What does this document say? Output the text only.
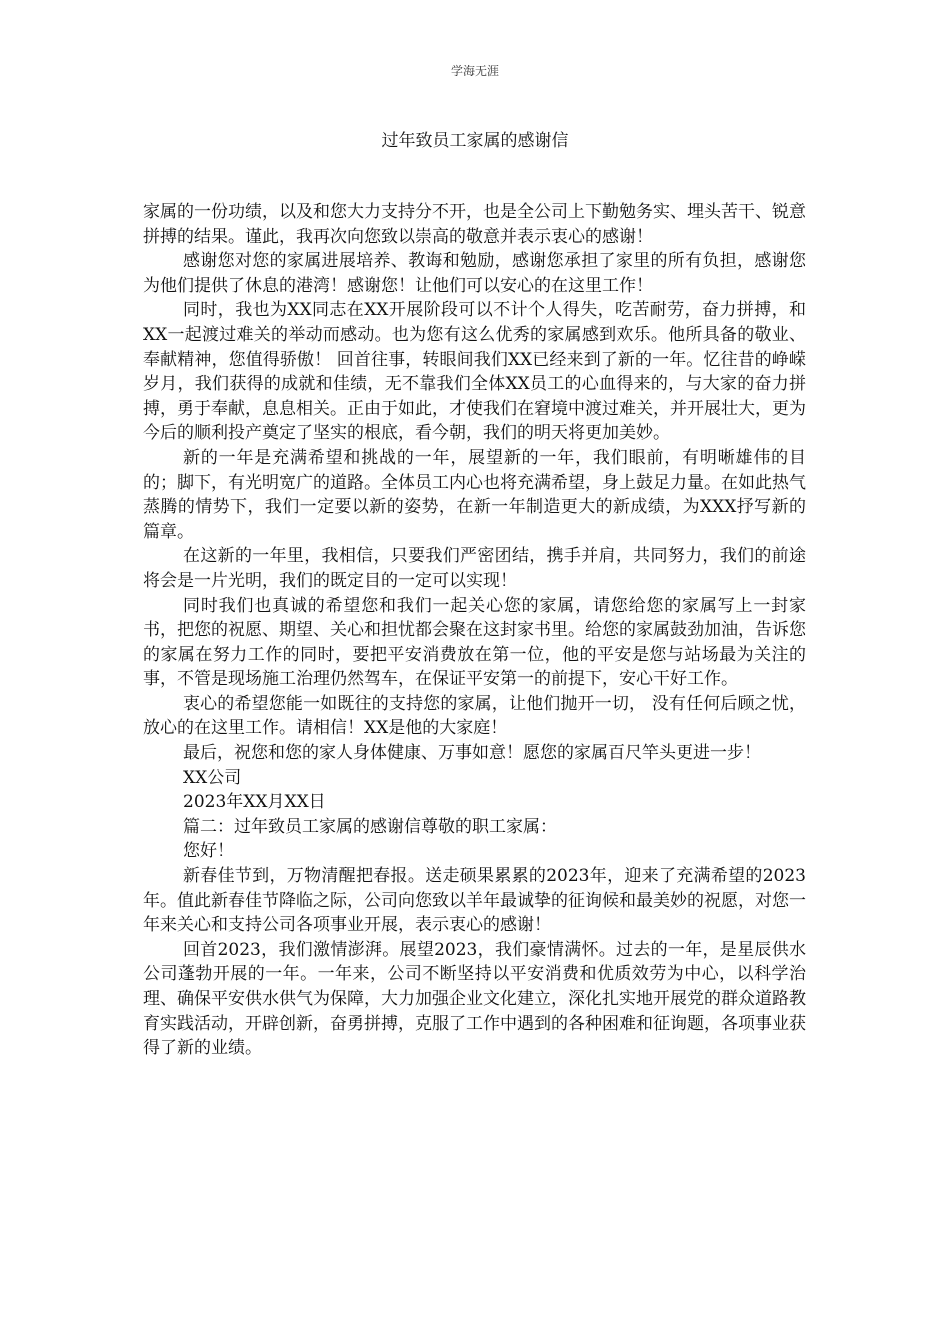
学海无涯
过年致员工家属的感谢信

家属的一份功绩，以及和您大力支持分不开，也是全公司上下勤勉务实、埋头苦干、锐意拼搏的结果。谨此，我再次向您致以崇高的敬意并表示衷心的感谢！

感谢您对您的家属进展培养、教诲和勉励，感谢您承担了家里的所有负担，感谢您为他们提供了休息的港湾！感谢您！让他们可以安心的在这里工作！

同时，我也为XX同志在XX开展阶段可以不计个人得失，吃苦耐劳，奋力拼搏，和XX一起渡过难关的举动而感动。也为您有这么优秀的家属感到欢乐。他所具备的敬业、奉献精神，您值得骄傲！ 回首往事，转眼间我们XX已经来到了新的一年。忆往昔的峥嵘岁月，我们获得的成就和佳绩，无不靠我们全体XX员工的心血得来的，与大家的奋力拼搏，勇于奉献，息息相关。正由于如此，才使我们在窘境中渡过难关，并开展壮大，更为今后的顺利投产奠定了坚实的根底，看今朝，我们的明天将更加美妙。

新的一年是充满希望和挑战的一年，展望新的一年，我们眼前，有明晰雄伟的目的；脚下，有光明宽广的道路。全体员工内心也将充满希望，身上鼓足力量。在如此热气蒸腾的情势下，我们一定要以新的姿势，在新一年制造更大的新成绩，为XXX抒写新的篇章。

在这新的一年里，我相信，只要我们严密团结，携手并肩，共同努力，我们的前途将会是一片光明，我们的既定目的一定可以实现！

同时我们也真诚的希望您和我们一起关心您的家属，请您给您的家属写上一封家书，把您的祝愿、期望、关心和担忧都会聚在这封家书里。给您的家属鼓劲加油，告诉您的家属在努力工作的同时，要把平安消费放在第一位，他的平安是您与站场最为关注的事，不管是现场施工治理仍然驾车，在保证平安第一的前提下，安心干好工作。

衷心的希望您能一如既往的支持您的家属，让他们抛开一切， 没有任何后顾之忧，放心的在这里工作。请相信！XX是他的大家庭！

最后，祝您和您的家人身体健康、万事如意！愿您的家属百尺竿头更进一步！

XX公司

2023年XX月XX日

篇二：过年致员工家属的感谢信尊敬的职工家属：

您好！

新春佳节到，万物清醒把春报。送走硕果累累的2023年，迎来了充满希望的2023年。值此新春佳节降临之际，公司向您致以羊年最诚挚的征询候和最美妙的祝愿，对您一年来关心和支持公司各项事业开展，表示衷心的感谢！

回首2023，我们激情澎湃。展望2023，我们豪情满怀。过去的一年，是星辰供水公司蓬勃开展的一年。一年来，公司不断坚持以平安消费和优质效劳为中心，以科学治理、确保平安供水供气为保障，大力加强企业文化建立，深化扎实地开展党的群众道路教育实践活动，开辟创新，奋勇拼搏，克服了工作中遇到的各种困难和征询题，各项事业获得了新的业绩。
